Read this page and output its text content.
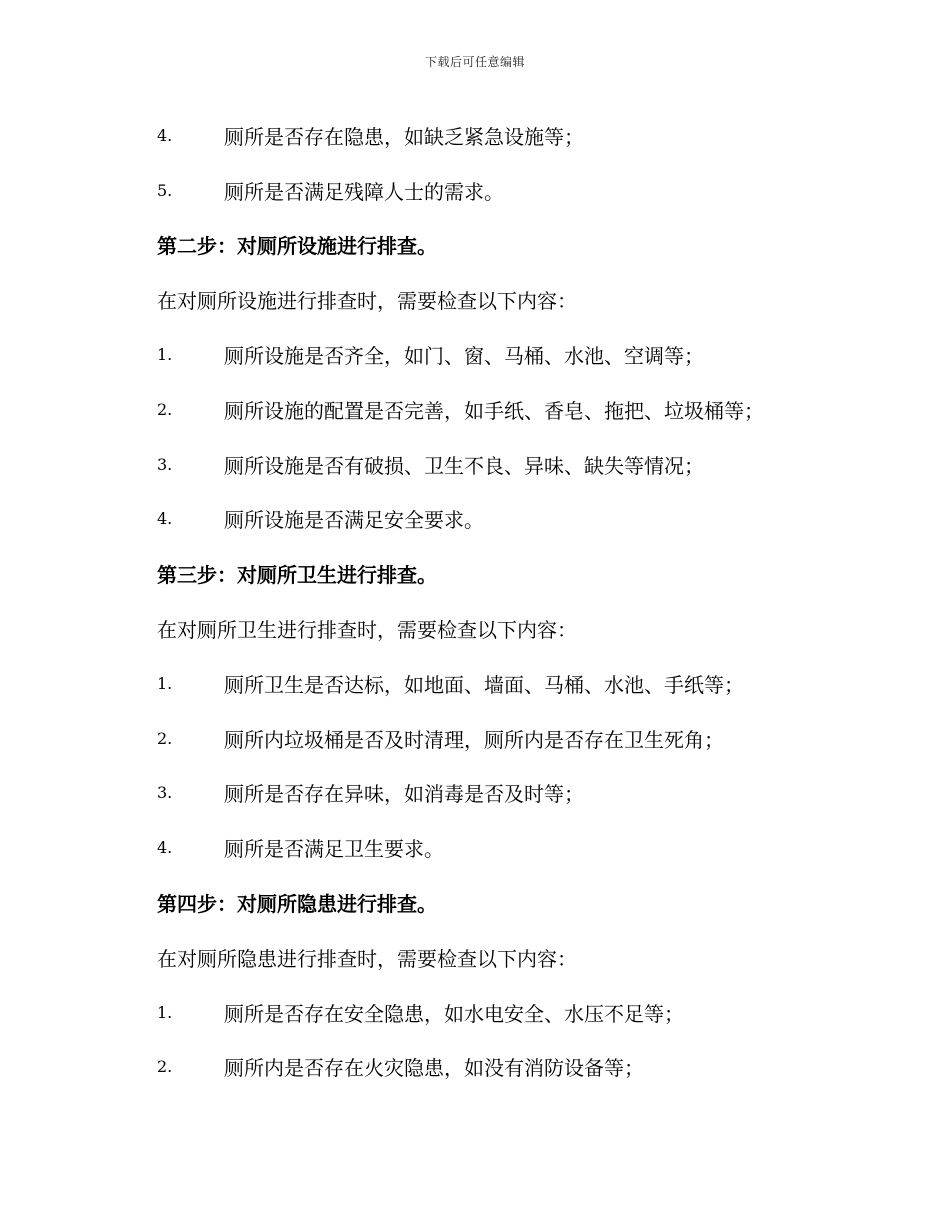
下载后可任意编辑
4.	厕所是否存在隐患，如缺乏紧急设施等；
5.	厕所是否满足残障人士的需求。
第二步：对厕所设施进行排查。
在对厕所设施进行排查时，需要检查以下内容：
1.	厕所设施是否齐全，如门、窗、马桶、水池、空调等；
2.	厕所设施的配置是否完善，如手纸、香皂、拖把、垃圾桶等；
3.	厕所设施是否有破损、卫生不良、异味、缺失等情况；
4.	厕所设施是否满足安全要求。
第三步：对厕所卫生进行排查。
在对厕所卫生进行排查时，需要检查以下内容：
1.	厕所卫生是否达标，如地面、墙面、马桶、水池、手纸等；
2.	厕所内垃圾桶是否及时清理，厕所内是否存在卫生死角；
3.	厕所是否存在异味，如消毒是否及时等；
4.	厕所是否满足卫生要求。
第四步：对厕所隐患进行排查。
在对厕所隐患进行排查时，需要检查以下内容：
1.	厕所是否存在安全隐患，如水电安全、水压不足等；
2.	厕所内是否存在火灾隐患，如没有消防设备等；
